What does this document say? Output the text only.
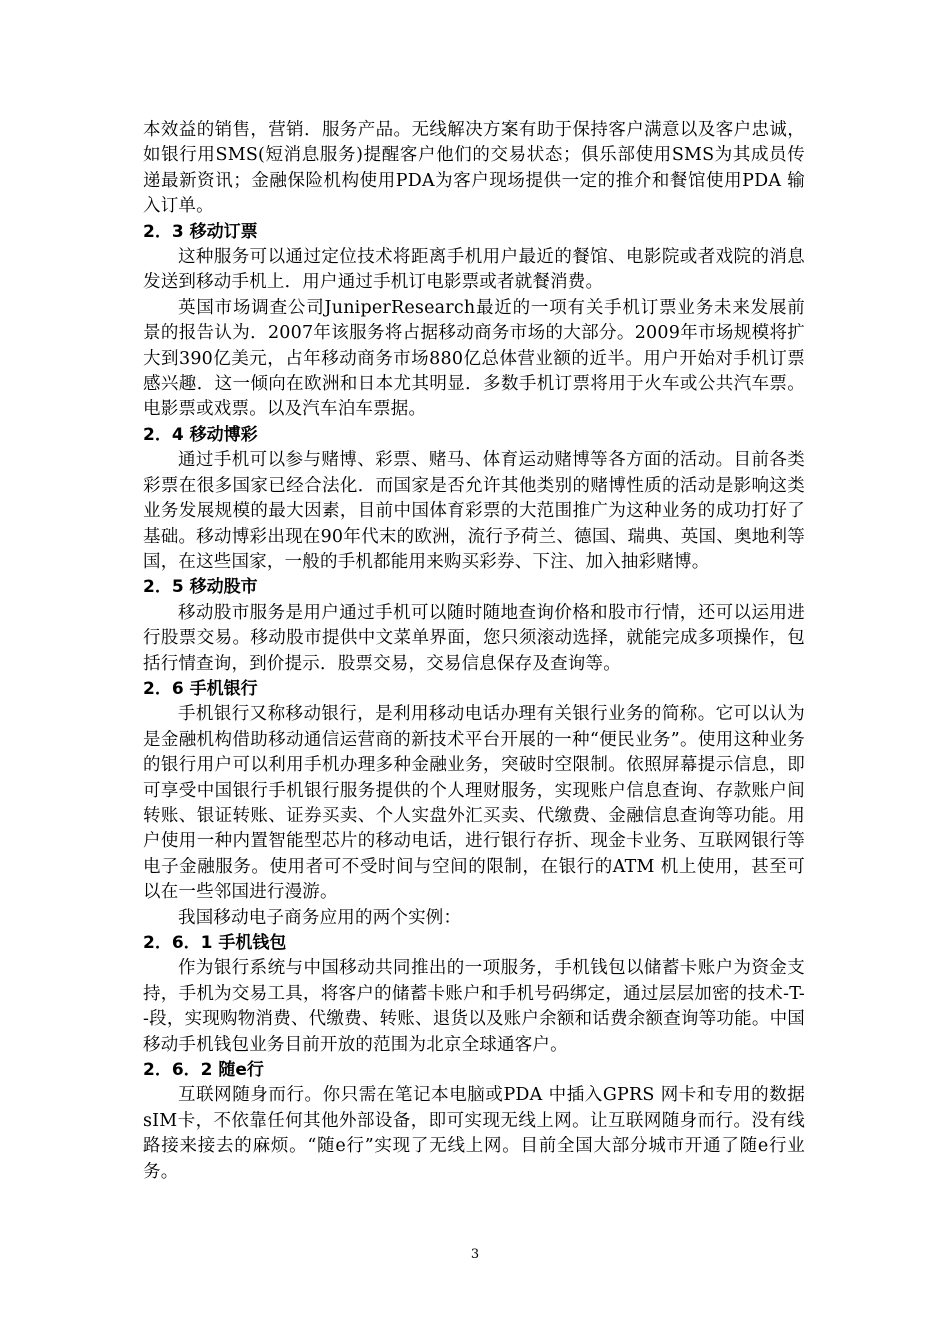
本效益的销售，营销．服务产品。无线解决方案有助于保持客户满意以及客户忠诚，如银行用SMS(短消息服务)提醒客户他们的交易状态；俱乐部使用SMS为其成员传递最新资讯；金融保险机构使用PDA为客户现场提供一定的推介和餐馆使用PDA 输入订单。

2．3 移动订票

这种服务可以通过定位技术将距离手机用户最近的餐馆、电影院或者戏院的消息发送到移动手机上．用户通过手机订电影票或者就餐消费。

英国市场调查公司JuniperResearch最近的一项有关手机订票业务未来发展前景的报告认为．2007年该服务将占据移动商务市场的大部分。2009年市场规模将扩大到390亿美元，占年移动商务市场880亿总体营业额的近半。用户开始对手机订票感兴趣．这一倾向在欧洲和日本尤其明显．多数手机订票将用于火车或公共汽车票。电影票或戏票。以及汽车泊车票据。

2．4 移动博彩

通过手机可以参与赌博、彩票、赌马、体育运动赌博等各方面的活动。目前各类彩票在很多国家已经合法化．而国家是否允许其他类别的赌博性质的活动是影响这类业务发展规模的最大因素，目前中国体育彩票的大范围推广为这种业务的成功打好了基础。移动博彩出现在90年代末的欧洲，流行予荷兰、德国、瑞典、英国、奥地利等国，在这些国家，一般的手机都能用来购买彩券、下注、加入抽彩赌博。

2．5 移动股市

移动股市服务是用户通过手机可以随时随地查询价格和股市行情，还可以运用进行股票交易。移动股市提供中文菜单界面，您只须滚动选择，就能完成多项操作，包括行情查询，到价提示．股票交易，交易信息保存及查询等。

2．6 手机银行

手机银行又称移动银行，是利用移动电话办理有关银行业务的简称。它可以认为是金融机构借助移动通信运营商的新技术平台开展的一种“便民业务”。使用这种业务的银行用户可以利用手机办理多种金融业务，突破时空限制。依照屏幕提示信息，即可享受中国银行手机银行服务提供的个人理财服务，实现账户信息查询、存款账户间转账、银证转账、证券买卖、个人实盘外汇买卖、代缴费、金融信息查询等功能。用户使用一种内置智能型芯片的移动电话，进行银行存折、现金卡业务、互联网银行等电子金融服务。使用者可不受时间与空间的限制，在银行的ATM 机上使用，甚至可以在一些邻国进行漫游。

我国移动电子商务应用的两个实例：

2．6．1 手机钱包

作为银行系统与中国移动共同推出的一项服务，手机钱包以储蓄卡账户为资金支持，手机为交易工具，将客户的储蓄卡账户和手机号码绑定，通过层层加密的技术-T--段，实现购物消费、代缴费、转账、退货以及账户余额和话费余额查询等功能。中国移动手机钱包业务目前开放的范围为北京全球通客户。

2．6．2 随e行

互联网随身而行。你只需在笔记本电脑或PDA 中插入GPRS 网卡和专用的数据sIM卡，不依靠任何其他外部设备，即可实现无线上网。让互联网随身而行。没有线路接来接去的麻烦。“随e行”实现了无线上网。目前全国大部分城市开通了随e行业务。

3
